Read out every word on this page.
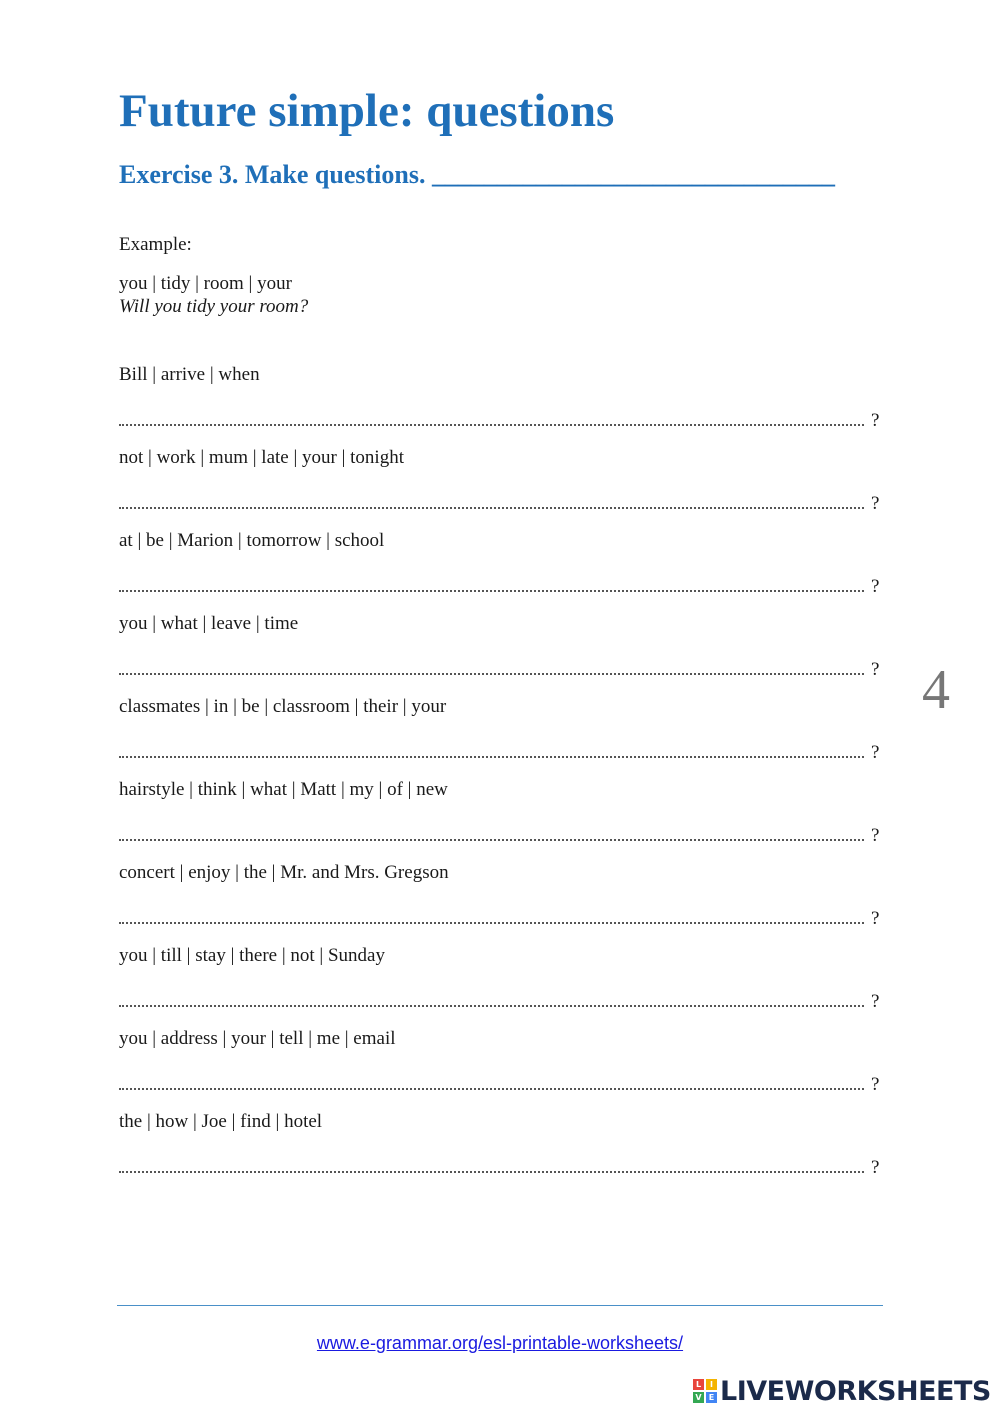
Future simple: questions
Exercise 3. Make questions. _______________________________
Example:
you | tidy | room | your
Will you tidy your room?
Bill | arrive | when
?
not | work | mum | late | your | tonight
?
at | be | Marion | tomorrow | school
?
you | what | leave | time
?
classmates | in | be | classroom | their | your
?
hairstyle | think | what | Matt | my | of | new
?
concert | enjoy | the | Mr. and Mrs. Gregson
?
you | till | stay | there | not | Sunday
?
you | address | your | tell | me | email
?
the | how | Joe | find | hotel
?
4
www.e-grammar.org/esl-printable-worksheets/
L	I
V E LIVEWORKSHEETS
